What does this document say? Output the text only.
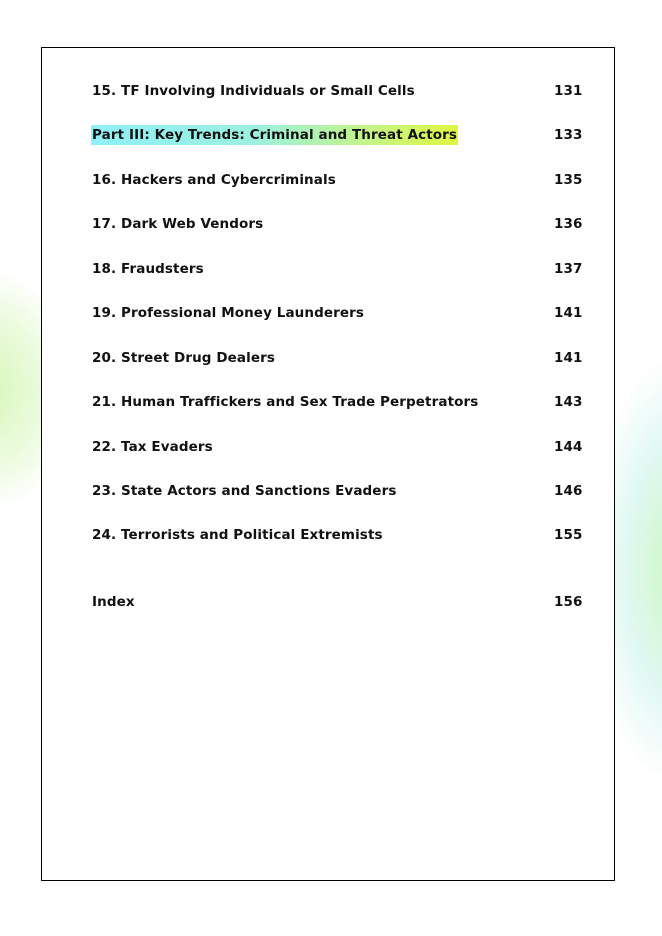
15. TF Involving Individuals or Small Cells	131
Part III: Key Trends: Criminal and Threat Actors	133
16. Hackers and Cybercriminals	135
17. Dark Web Vendors	136
18. Fraudsters	137
19. Professional Money Launderers	141
20. Street Drug Dealers	141
21. Human Traffickers and Sex Trade Perpetrators	143
22. Tax Evaders	144
23. State Actors and Sanctions Evaders	146
24. Terrorists and Political Extremists	155
Index	156
